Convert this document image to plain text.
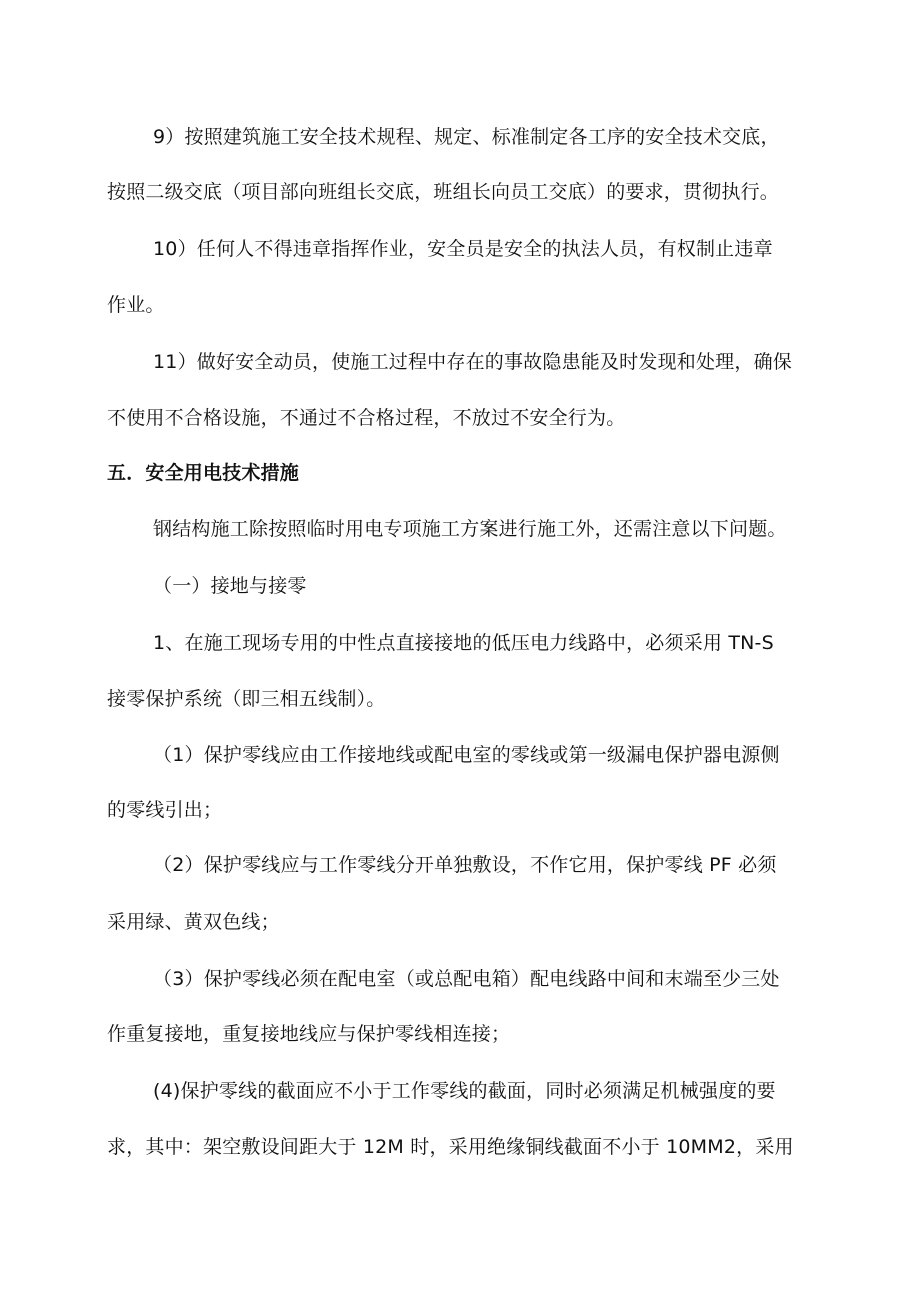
9）按照建筑施工安全技术规程、规定、标准制定各工序的安全技术交底，
按照二级交底（项目部向班组长交底，班组长向员工交底）的要求，贯彻执行。
10）任何人不得违章指挥作业，安全员是安全的执法人员，有权制止违章
作业。
11）做好安全动员，使施工过程中存在的事故隐患能及时发现和处理，确保
不使用不合格设施，不通过不合格过程，不放过不安全行为。
五．安全用电技术措施
钢结构施工除按照临时用电专项施工方案进行施工外，还需注意以下问题。
（一）接地与接零
1、在施工现场专用的中性点直接接地的低压电力线路中，必须采用 TN-S
接零保护系统（即三相五线制）。
（1）保护零线应由工作接地线或配电室的零线或第一级漏电保护器电源侧
的零线引出；
（2）保护零线应与工作零线分开单独敷设，不作它用，保护零线 PF 必须
采用绿、黄双色线；
（3）保护零线必须在配电室（或总配电箱）配电线路中间和末端至少三处
作重复接地，重复接地线应与保护零线相连接；
(4)保护零线的截面应不小于工作零线的截面，同时必须满足机械强度的要
求，其中：架空敷设间距大于 12M 时，采用绝缘铜线截面不小于 10MM2，采用
